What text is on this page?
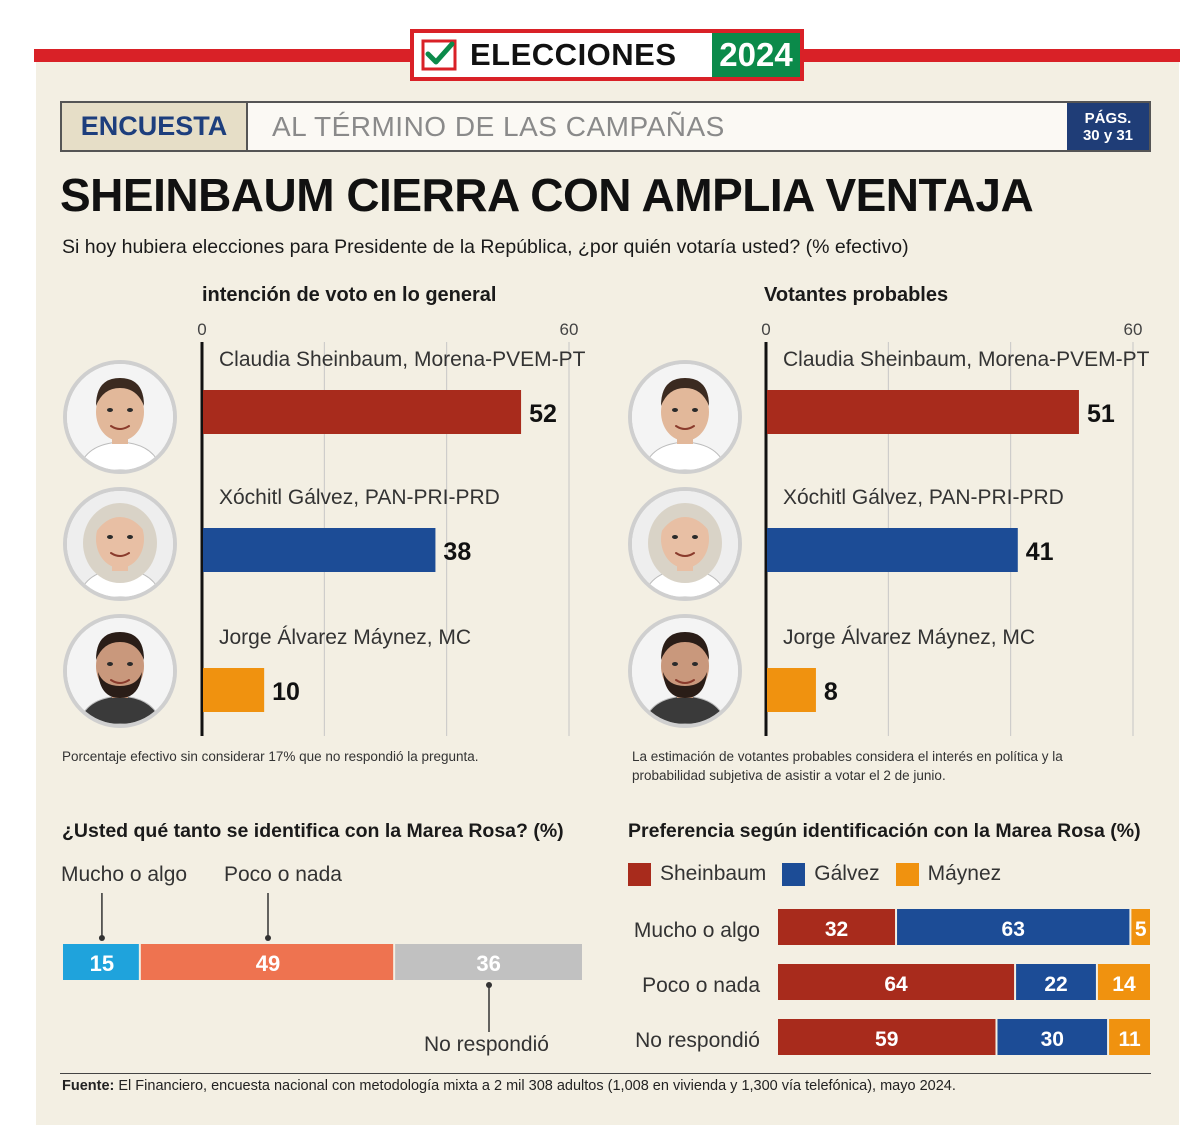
ELECCIONES 2024
ENCUESTA	AL TÉRMINO DE LAS CAMPAÑAS	PÁGS.
30 y 31
SHEINBAUM CIERRA CON AMPLIA VENTAJA
Si hoy hubiera elecciones para Presidente de la República, ¿por quién votaría usted? (% efectivo)
intención de voto en lo general
0	60
Claudia Sheinbaum, Morena-PVEM-PT
52
Xóchitl Gálvez, PAN-PRI-PRD
38
Jorge Álvarez Máynez, MC
10
Porcentaje efectivo sin considerar 17% que no respondió la pregunta.
Votantes probables
0	60
Claudia Sheinbaum, Morena-PVEM-PT
51
Xóchitl Gálvez, PAN-PRI-PRD
41
Jorge Álvarez Máynez, MC
8
La estimación de votantes probables considera el interés en política y la probabilidad subjetiva de asistir a votar el 2 de junio.
¿Usted qué tanto se identifica con la Marea Rosa? (%)
15	49	36
Mucho o algo Poco o nada
No respondió
Preferencia según identificación con la Marea Rosa (%)
Sheinbaum Gálvez Máynez
Mucho o algo	32	63	5
Poco o nada	64	22 14
No respondió	59	30	11
Fuente: El Financiero, encuesta nacional con metodología mixta a 2 mil 308 adultos (1,008 en vivienda y 1,300 vía telefónica), mayo 2024.
